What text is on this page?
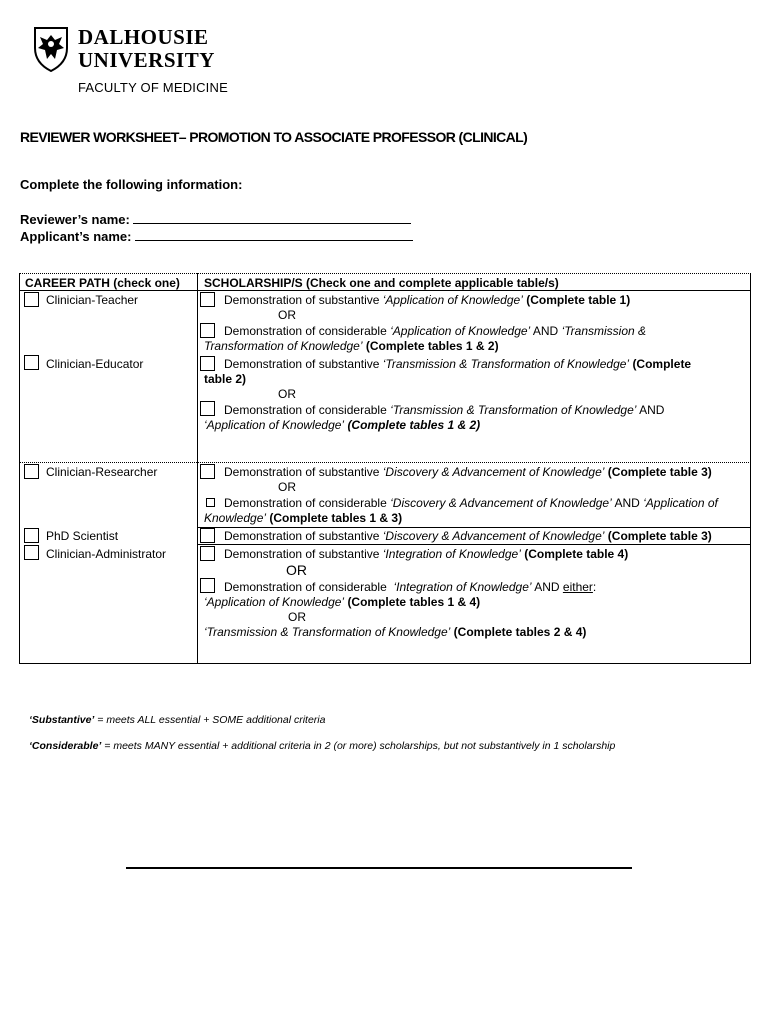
DALHOUSIE
UNIVERSITY
FACULTY OF MEDICINE
REVIEWER WORKSHEET– PROMOTION TO ASSOCIATE PROFESSOR (CLINICAL)
Complete the following information:
Reviewer’s name:
Applicant’s name:
CAREER PATH (check one) SCHOLARSHIP/S (Check one and complete applicable table/s)
Clinician-Teacher
Clinician-Educator
Clinician-Researcher
PhD Scientist
Clinician-Administrator
Demonstration of substantive ‘Application of Knowledge’ (Complete table 1)
OR
Demonstration of considerable ‘Application of Knowledge’ AND ‘Transmission &
Transformation of Knowledge’ (Complete tables 1 & 2)
Demonstration of substantive ‘Transmission & Transformation of Knowledge’ (Complete
table 2)
OR
Demonstration of considerable ‘Transmission & Transformation of Knowledge’ AND
‘Application of Knowledge’ (Complete tables 1 & 2)
Demonstration of substantive ‘Discovery & Advancement of Knowledge’ (Complete table 3)
OR
Demonstration of considerable ‘Discovery & Advancement of Knowledge’ AND ‘Application of
Knowledge’ (Complete tables 1 & 3)
Demonstration of substantive ‘Discovery & Advancement of Knowledge’ (Complete table 3)
Demonstration of substantive ‘Integration of Knowledge’ (Complete table 4)
OR
Demonstration of considerable ‘Integration of Knowledge’ AND either:
‘Application of Knowledge’ (Complete tables 1 & 4)
OR
‘Transmission & Transformation of Knowledge’ (Complete tables 2 & 4)
‘Substantive’ = meets ALL essential + SOME additional criteria
‘Considerable’ = meets MANY essential + additional criteria in 2 (or more) scholarships, but not substantively in 1 scholarship
